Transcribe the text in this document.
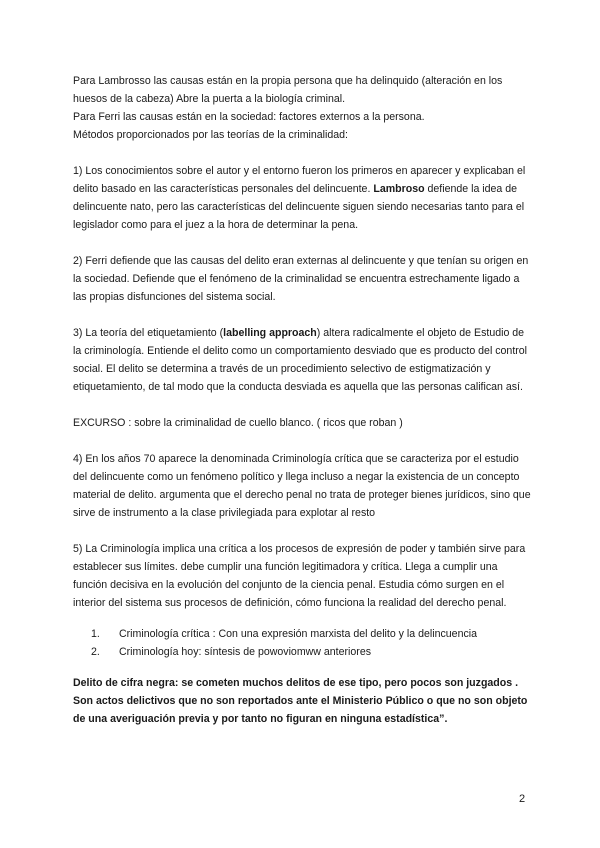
Para Lambrosso las causas están en la propia persona que ha delinquido (alteración en los huesos de la cabeza) Abre la puerta a la biología criminal.

Para Ferri las causas están en la sociedad: factores externos a la persona.

Métodos proporcionados por las teorías de la criminalidad:

1) Los conocimientos sobre el autor y el entorno fueron los primeros en aparecer y explicaban el delito basado en las características personales del delincuente. Lambroso defiende la idea de delincuente nato, pero las características del delincuente siguen siendo necesarias tanto para el legislador como para el juez a la hora de determinar la pena.

2) Ferri defiende que las causas del delito eran externas al delincuente y que tenían su origen en la sociedad. Defiende que el fenómeno de la criminalidad se encuentra estrechamente ligado a las propias disfunciones del sistema social.

3) La teoría del etiquetamiento (labelling approach) altera radicalmente el objeto de Estudio de la criminología. Entiende el delito como un comportamiento desviado que es producto del control social. El delito se determina a través de un procedimiento selectivo de estigmatización y etiquetamiento, de tal modo que la conducta desviada es aquella que las personas califican así.

EXCURSO : sobre la criminalidad de cuello blanco. ( ricos que roban )

4) En los años 70 aparece la denominada Criminología crítica que se caracteriza por el estudio del delincuente como un fenómeno político y llega incluso a negar la existencia de un concepto material de delito. argumenta que el derecho penal no trata de proteger bienes jurídicos, sino que sirve de instrumento a la clase privilegiada para explotar al resto

5) La Criminología implica una crítica a los procesos de expresión de poder y también sirve para establecer sus límites. debe cumplir una función legitimadora y crítica. Llega a cumplir una función decisiva en la evolución del conjunto de la ciencia penal. Estudia cómo surgen en el interior del sistema sus procesos de definición, cómo funciona la realidad del derecho penal.

1. Criminología crítica : Con una expresión marxista del delito y la delincuencia
2. Criminología hoy: síntesis de powoviomww anteriores

Delito de cifra negra: se cometen muchos delitos de ese tipo, pero pocos son juzgados . Son actos delictivos que no son reportados ante el Ministerio Público o que no son objeto de una averiguación previa y por tanto no figuran en ninguna estadística”.

2
